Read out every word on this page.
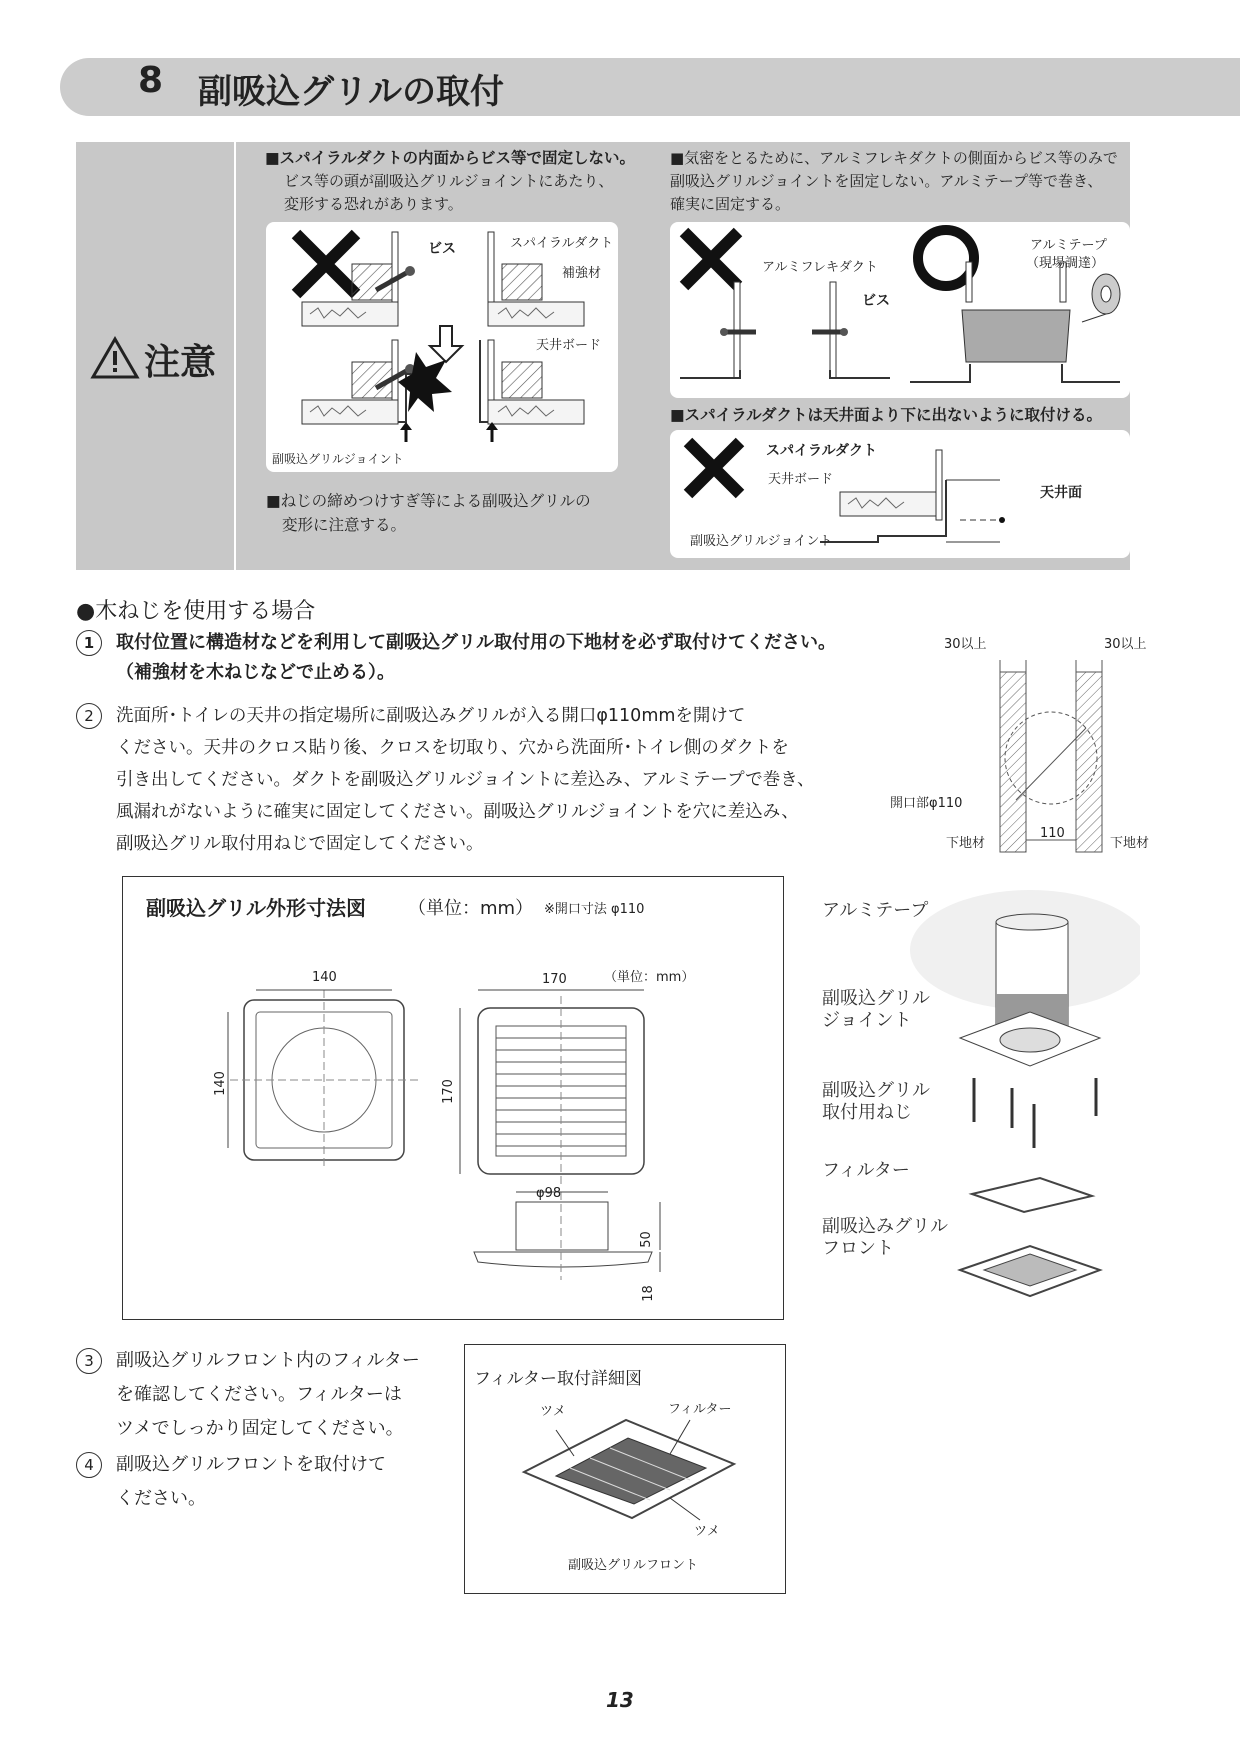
8 副吸込グリルの取付
注意
■スパイラルダクトの内面からビス等で固定しない。
ビス等の頭が副吸込グリルジョイントにあたり、
変形する恐れがあります。
ビス	スパイラルダクト
補強材
天井ボード
副吸込グリルジョイント
■ねじの締めつけすぎ等による副吸込グリルの
変形に注意する。
■気密をとるために、アルミフレキダクトの側面からビス等のみで
副吸込グリルジョイントを固定しない。アルミテープ等で巻き、
確実に固定する。
アルミフレキダクト
ビス
アルミテープ
（現場調達）
■スパイラルダクトは天井面より下に出ないように取付ける。
スパイラルダクト
天井ボード
天井面
副吸込グリルジョイント
●木ねじを使用する場合
1 取付位置に構造材などを利用して副吸込グリル取付用の下地材を必ず取付けてください。
（補強材を木ねじなどで止める）。
2 洗面所･トイレの天井の指定場所に副吸込みグリルが入る開口φ110mmを開けて
ください。天井のクロス貼り後、クロスを切取り、穴から洗面所･トイレ側のダクトを
引き出してください。ダクトを副吸込グリルジョイントに差込み、アルミテープで巻き、
風漏れがないように確実に固定してください。副吸込グリルジョイントを穴に差込み、
副吸込グリル取付用ねじで固定してください。
30以上	30以上
開口部φ110
110
下地材	下地材
副吸込グリル外形寸法図 （単位：mm） ※開口寸法 φ110
（単位：mm）
140
140
170
170
φ98
50
18
アルミテープ
副吸込グリル
ジョイント
副吸込グリル
取付用ねじ
フィルター
副吸込みグリル
フロント
3 副吸込グリルフロント内のフィルター
を確認してください。フィルターは
ツメでしっかり固定してください。
4 副吸込グリルフロントを取付けて
ください。
フィルター取付詳細図
ツメ	フィルター
ツメ
副吸込グリルフロント
13
